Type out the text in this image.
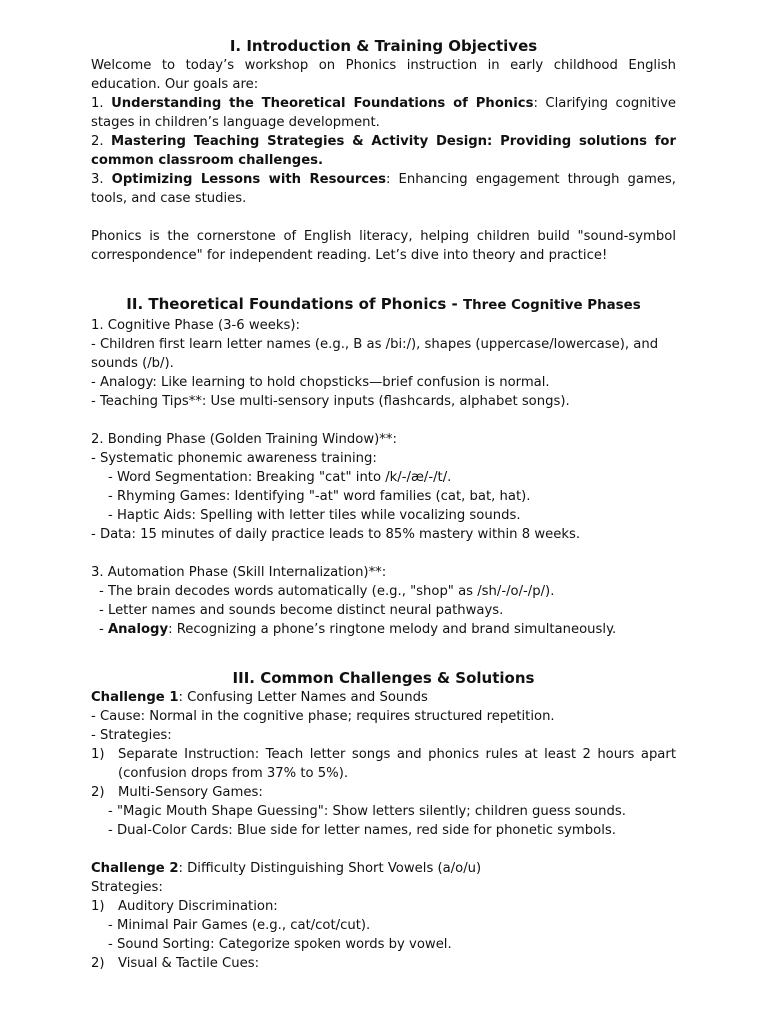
I. Introduction & Training Objectives
Welcome to today’s workshop on Phonics instruction in early childhood English education. Our goals are:
1. Understanding the Theoretical Foundations of Phonics: Clarifying cognitive stages in children’s language development.
2. Mastering Teaching Strategies & Activity Design: Providing solutions for common classroom challenges.
3. Optimizing Lessons with Resources: Enhancing engagement through games, tools, and case studies.
Phonics is the cornerstone of English literacy, helping children build "sound-symbol correspondence" for independent reading. Let’s dive into theory and practice!
II. Theoretical Foundations of Phonics - Three Cognitive Phases
1. Cognitive Phase (3-6 weeks):
- Children first learn letter names (e.g., B as /bi:/), shapes (uppercase/lowercase), and sounds (/b/).
- Analogy: Like learning to hold chopsticks—brief confusion is normal.
- Teaching Tips**: Use multi-sensory inputs (flashcards, alphabet songs).
2. Bonding Phase (Golden Training Window)**:
- Systematic phonemic awareness training:
- Word Segmentation: Breaking "cat" into /k/-/æ/-/t/.
- Rhyming Games: Identifying "-at" word families (cat, bat, hat).
- Haptic Aids: Spelling with letter tiles while vocalizing sounds.
- Data: 15 minutes of daily practice leads to 85% mastery within 8 weeks.
3. Automation Phase (Skill Internalization)**:
- The brain decodes words automatically (e.g., "shop" as /sh/-/o/-/p/).
- Letter names and sounds become distinct neural pathways.
- Analogy: Recognizing a phone’s ringtone melody and brand simultaneously.
III. Common Challenges & Solutions
Challenge 1: Confusing Letter Names and Sounds
- Cause: Normal in the cognitive phase; requires structured repetition.
- Strategies:
1)	Separate Instruction: Teach letter songs and phonics rules at least 2 hours apart (confusion drops from 37% to 5%).
2)	Multi-Sensory Games:
- "Magic Mouth Shape Guessing": Show letters silently; children guess sounds.
- Dual-Color Cards: Blue side for letter names, red side for phonetic symbols.
Challenge 2: Difficulty Distinguishing Short Vowels (a/o/u)
Strategies:
1)	Auditory Discrimination:
- Minimal Pair Games (e.g., cat/cot/cut).
- Sound Sorting: Categorize spoken words by vowel.
2)	Visual & Tactile Cues:
